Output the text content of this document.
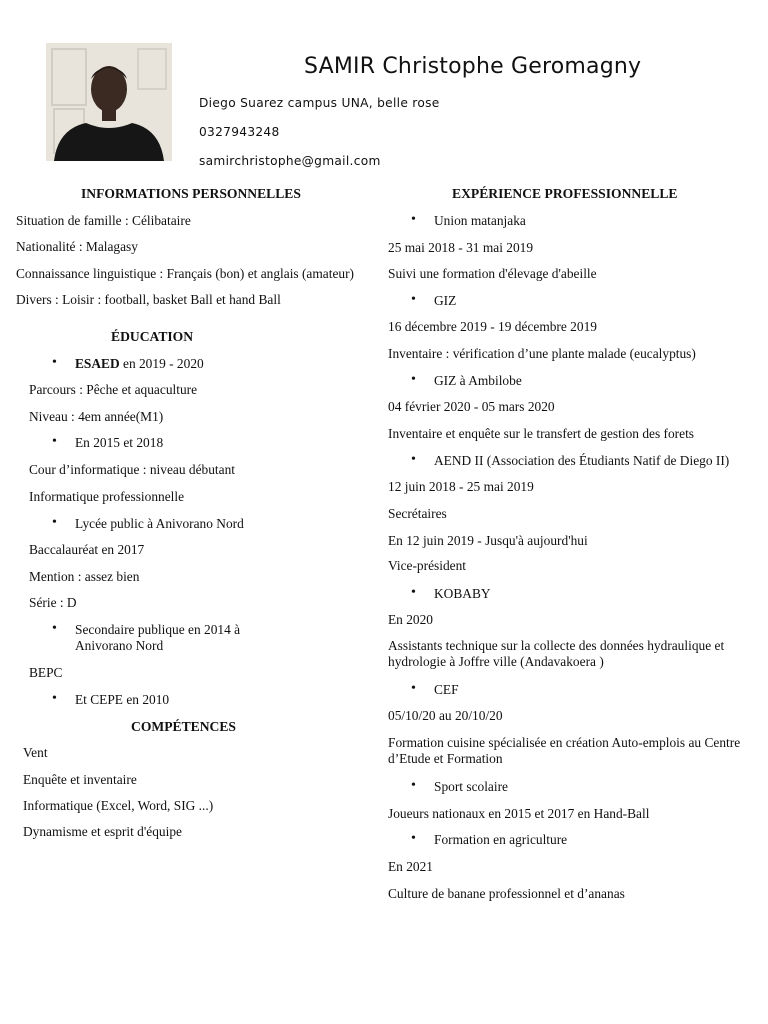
SAMIR Christophe Geromagny
Diego Suarez campus UNA, belle rose
0327943248
samirchristophe@gmail.com
INFORMATIONS PERSONNELLES
Situation de famille : Célibataire
Nationalité : Malagasy
Connaissance linguistique : Français (bon) et anglais (amateur)
Divers : Loisir : football, basket Ball et hand Ball
ÉDUCATION
• ESAED en 2019 - 2020
Parcours : Pêche et aquaculture
Niveau : 4em année(M1)
• En 2015 et 2018
Cour d’informatique : niveau débutant
Informatique professionnelle
• Lycée public à Anivorano Nord
Baccalauréat en 2017
Mention : assez bien
Série : D
• Secondaire publique en 2014 à Anivorano Nord
BEPC
• Et CEPE en 2010
COMPÉTENCES
Vent
Enquête et inventaire
Informatique (Excel, Word, SIG ...)
Dynamisme et esprit d'équipe
EXPÉRIENCE PROFESSIONNELLE
• Union matanjaka
25 mai 2018 - 31 mai 2019
Suivi une formation d'élevage d'abeille
• GIZ
16 décembre 2019 - 19 décembre 2019
Inventaire : vérification d’une plante malade (eucalyptus)
• GIZ à Ambilobe
04 février 2020 - 05 mars 2020
Inventaire et enquête sur le transfert de gestion des forets
• AEND II (Association des Étudiants Natif de Diego II)
12 juin 2018 - 25 mai 2019
Secrétaires
En 12 juin 2019 - Jusqu'à aujourd'hui
Vice-président
• KOBABY
En 2020
Assistants technique sur la collecte des données hydraulique et hydrologie à Joffre ville (Andavakoera )
• CEF
05/10/20 au 20/10/20
Formation cuisine spécialisée en création Auto-emplois au Centre d’Etude et Formation
• Sport scolaire
Joueurs nationaux en 2015 et 2017 en Hand-Ball
• Formation en agriculture
En 2021
Culture de banane professionnel et d’ananas
